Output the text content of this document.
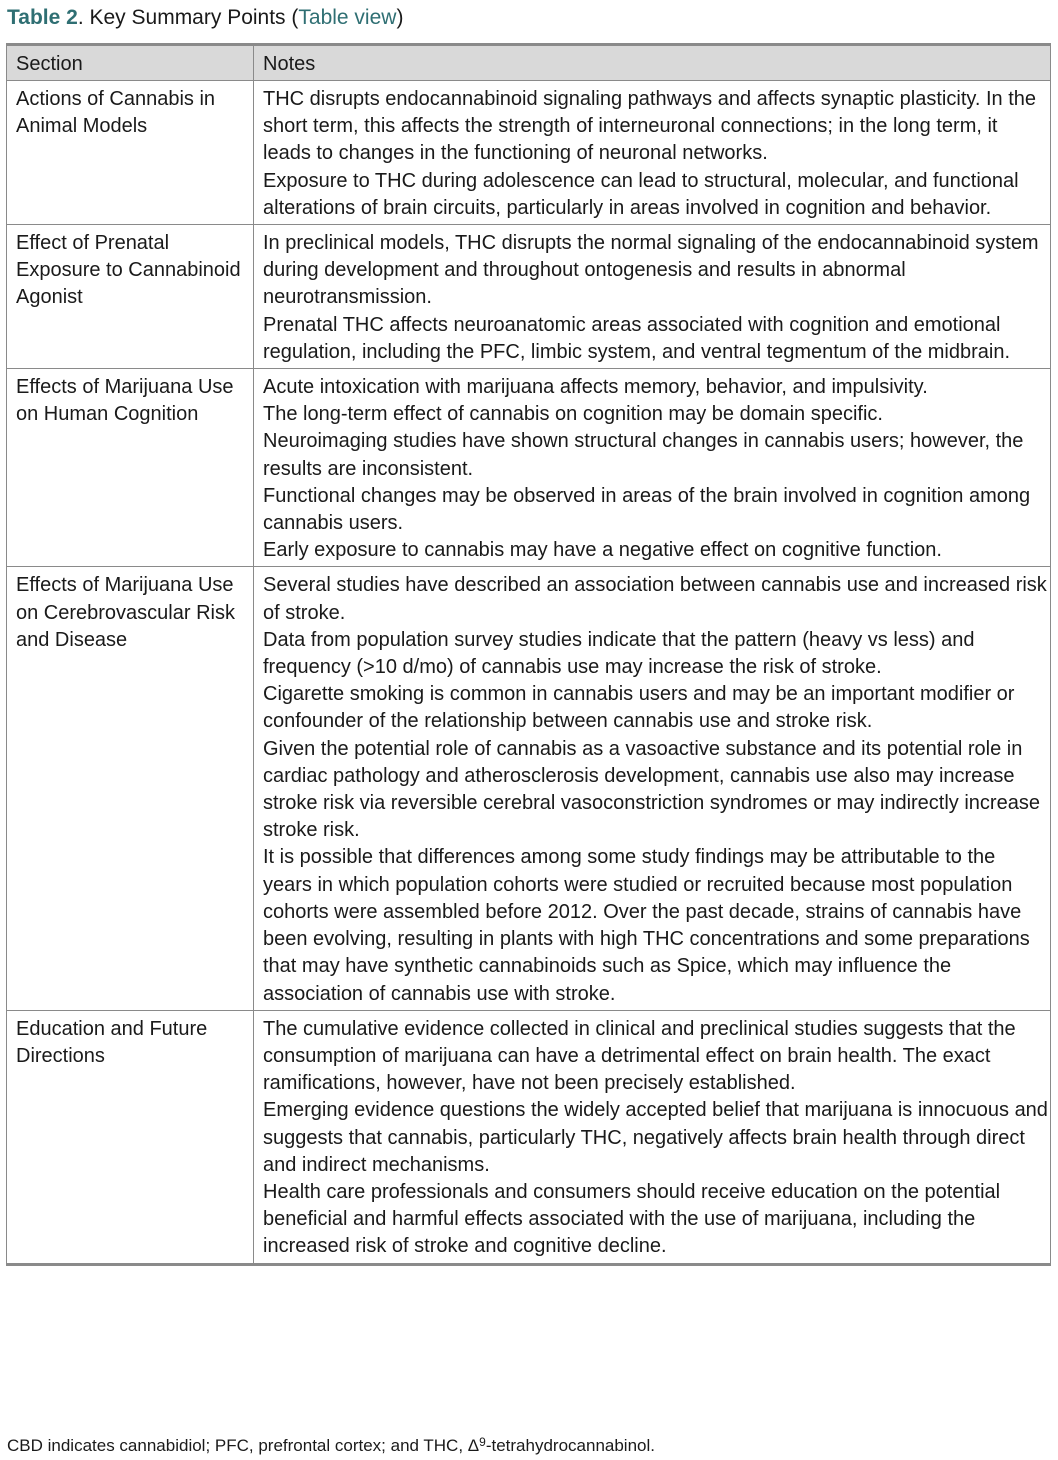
Table 2. Key Summary Points (Table view)
Section	Notes
Actions of Cannabis in Animal Models	THC disrupts endocannabinoid signaling pathways and affects synaptic plasticity. In the short term, this affects the strength of interneuronal connections; in the long term, it leads to changes in the functioning of neuronal networks.
Exposure to THC during adolescence can lead to structural, molecular, and functional alterations of brain circuits, particularly in areas involved in cognition and behavior.

Effect of Prenatal Exposure to Cannabinoid Agonist	In preclinical models, THC disrupts the normal signaling of the endocannabinoid system during development and throughout ontogenesis and results in abnormal neurotransmission.
Prenatal THC affects neuroanatomic areas associated with cognition and emotional regulation, including the PFC, limbic system, and ventral tegmentum of the midbrain.

Effects of Marijuana Use on Human Cognition	Acute intoxication with marijuana affects memory, behavior, and impulsivity.
The long-term effect of cannabis on cognition may be domain specific.
Neuroimaging studies have shown structural changes in cannabis users; however, the results are inconsistent.
Functional changes may be observed in areas of the brain involved in cognition among cannabis users.
Early exposure to cannabis may have a negative effect on cognitive function.

Effects of Marijuana Use on Cerebrovascular Risk and Disease	Several studies have described an association between cannabis use and increased risk of stroke.
Data from population survey studies indicate that the pattern (heavy vs less) and frequency (>10 d/mo) of cannabis use may increase the risk of stroke.
Cigarette smoking is common in cannabis users and may be an important modifier or confounder of the relationship between cannabis use and stroke risk.
Given the potential role of cannabis as a vasoactive substance and its potential role in cardiac pathology and atherosclerosis development, cannabis use also may increase stroke risk via reversible cerebral vasoconstriction syndromes or may indirectly increase stroke risk.
It is possible that differences among some study findings may be attributable to the years in which population cohorts were studied or recruited because most population cohorts were assembled before 2012. Over the past decade, strains of cannabis have been evolving, resulting in plants with high THC concentrations and some preparations that may have synthetic cannabinoids such as Spice, which may influence the association of cannabis use with stroke.

Education and Future Directions	The cumulative evidence collected in clinical and preclinical studies suggests that the consumption of marijuana can have a detrimental effect on brain health. The exact ramifications, however, have not been precisely established.
Emerging evidence questions the widely accepted belief that marijuana is innocuous and suggests that cannabis, particularly THC, negatively affects brain health through direct and indirect mechanisms.
Health care professionals and consumers should receive education on the potential beneficial and harmful effects associated with the use of marijuana, including the increased risk of stroke and cognitive decline.
CBD indicates cannabidiol; PFC, prefrontal cortex; and THC, $\Delta^9$-tetrahydrocannabinol.
